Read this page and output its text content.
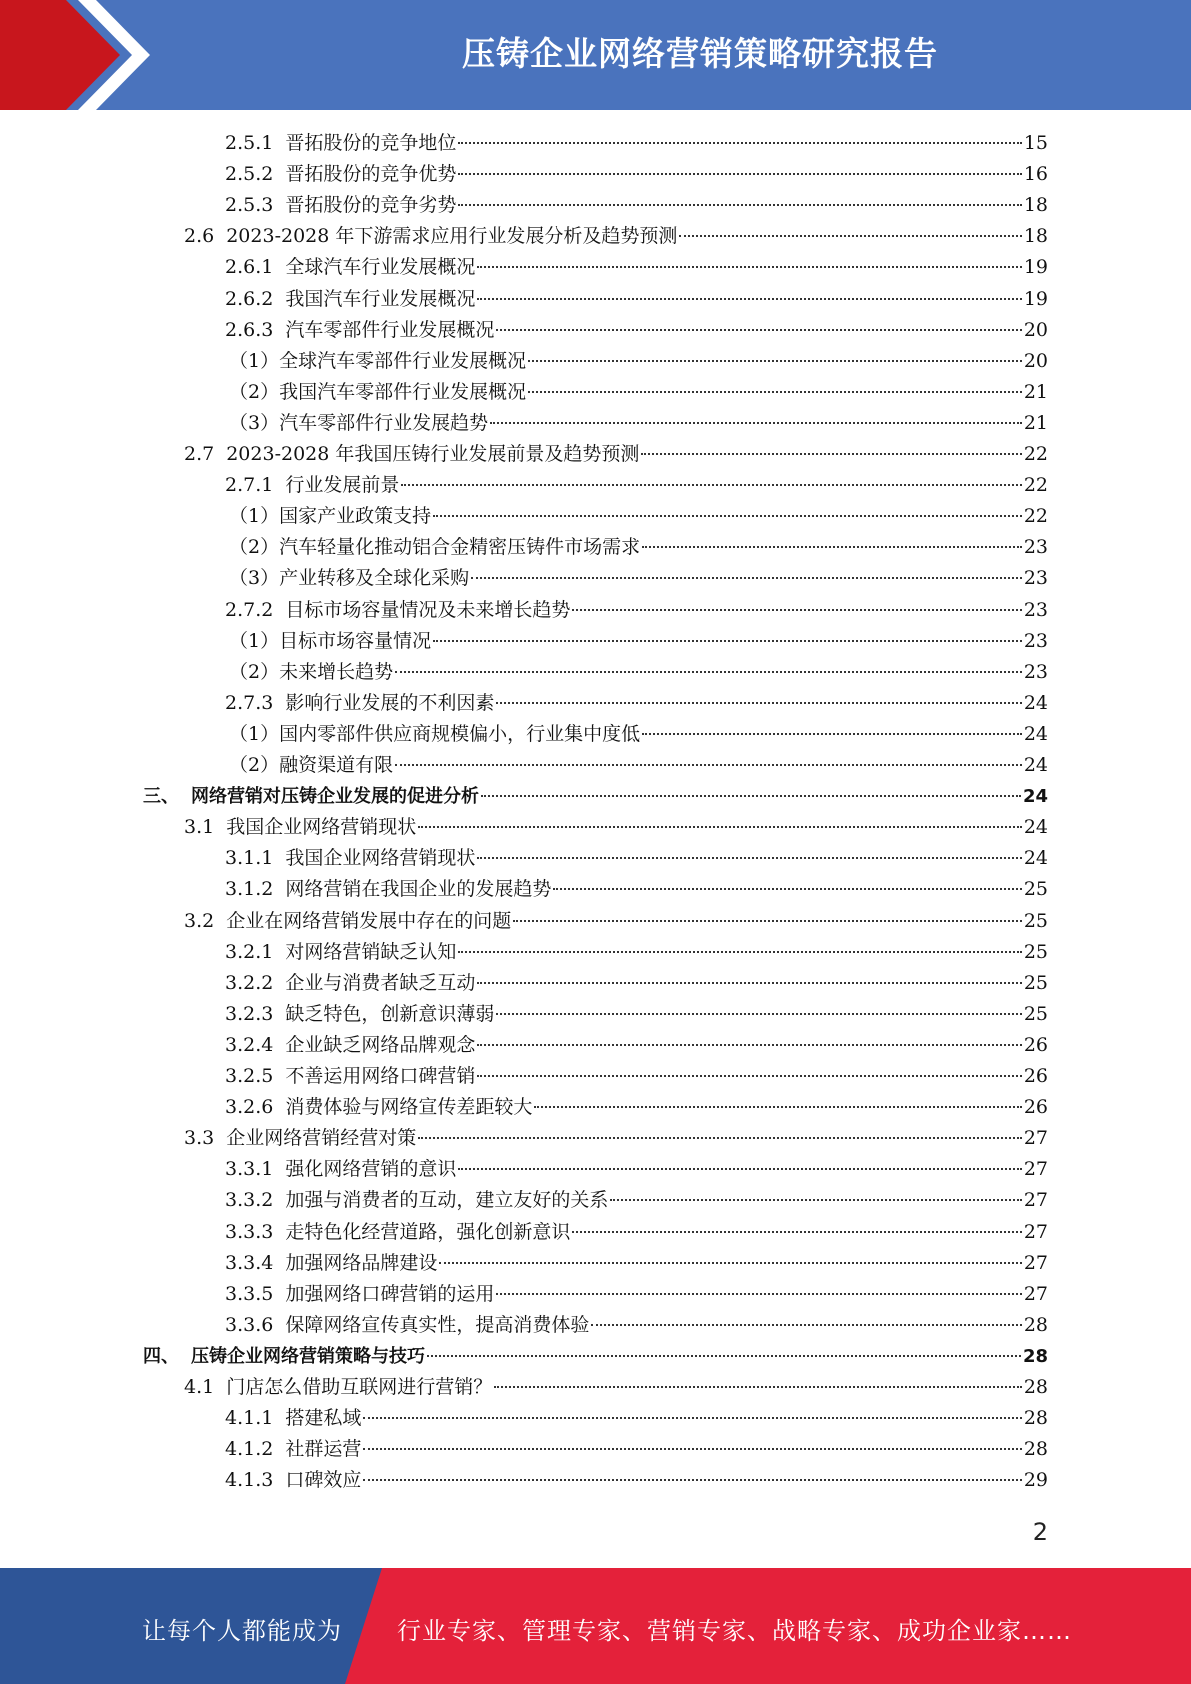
压铸企业网络营销策略研究报告
2.5.1 晋拓股份的竞争地位	15
2.5.2 晋拓股份的竞争优势	16
2.5.3 晋拓股份的竞争劣势	18
2.6 2023-2028 年下游需求应用行业发展分析及趋势预测	18
2.6.1 全球汽车行业发展概况	19
2.6.2 我国汽车行业发展概况	19
2.6.3 汽车零部件行业发展概况	20
（1） 全球汽车零部件行业发展概况	20
（2） 我国汽车零部件行业发展概况	21
（3） 汽车零部件行业发展趋势	21
2.7 2023-2028 年我国压铸行业发展前景及趋势预测	22
2.7.1 行业发展前景	22
（1） 国家产业政策支持	22
（2） 汽车轻量化推动铝合金精密压铸件市场需求	23
（3） 产业转移及全球化采购	23
2.7.2 目标市场容量情况及未来增长趋势	23
（1） 目标市场容量情况	23
（2） 未来增长趋势	23
2.7.3 影响行业发展的不利因素	24
（1） 国内零部件供应商规模偏小，行业集中度低	24
（2） 融资渠道有限	24
三、 网络营销对压铸企业发展的促进分析	24
3.1 我国企业网络营销现状	24
3.1.1 我国企业网络营销现状	24
3.1.2 网络营销在我国企业的发展趋势	25
3.2 企业在网络营销发展中存在的问题	25
3.2.1 对网络营销缺乏认知	25
3.2.2 企业与消费者缺乏互动	25
3.2.3 缺乏特色，创新意识薄弱	25
3.2.4 企业缺乏网络品牌观念	26
3.2.5 不善运用网络口碑营销	26
3.2.6 消费体验与网络宣传差距较大	26
3.3 企业网络营销经营对策	27
3.3.1 强化网络营销的意识	27
3.3.2 加强与消费者的互动，建立友好的关系	27
3.3.3 走特色化经营道路，强化创新意识	27
3.3.4 加强网络品牌建设	27
3.3.5 加强网络口碑营销的运用	27
3.3.6 保障网络宣传真实性，提高消费体验	28
四、 压铸企业网络营销策略与技巧	28
4.1 门店怎么借助互联网进行营销？	28
4.1.1 搭建私域	28
4.1.2 社群运营	28
4.1.3 口碑效应	29
2
让每个人都能成为 行业专家、管理专家、营销专家、战略专家、成功企业家……
